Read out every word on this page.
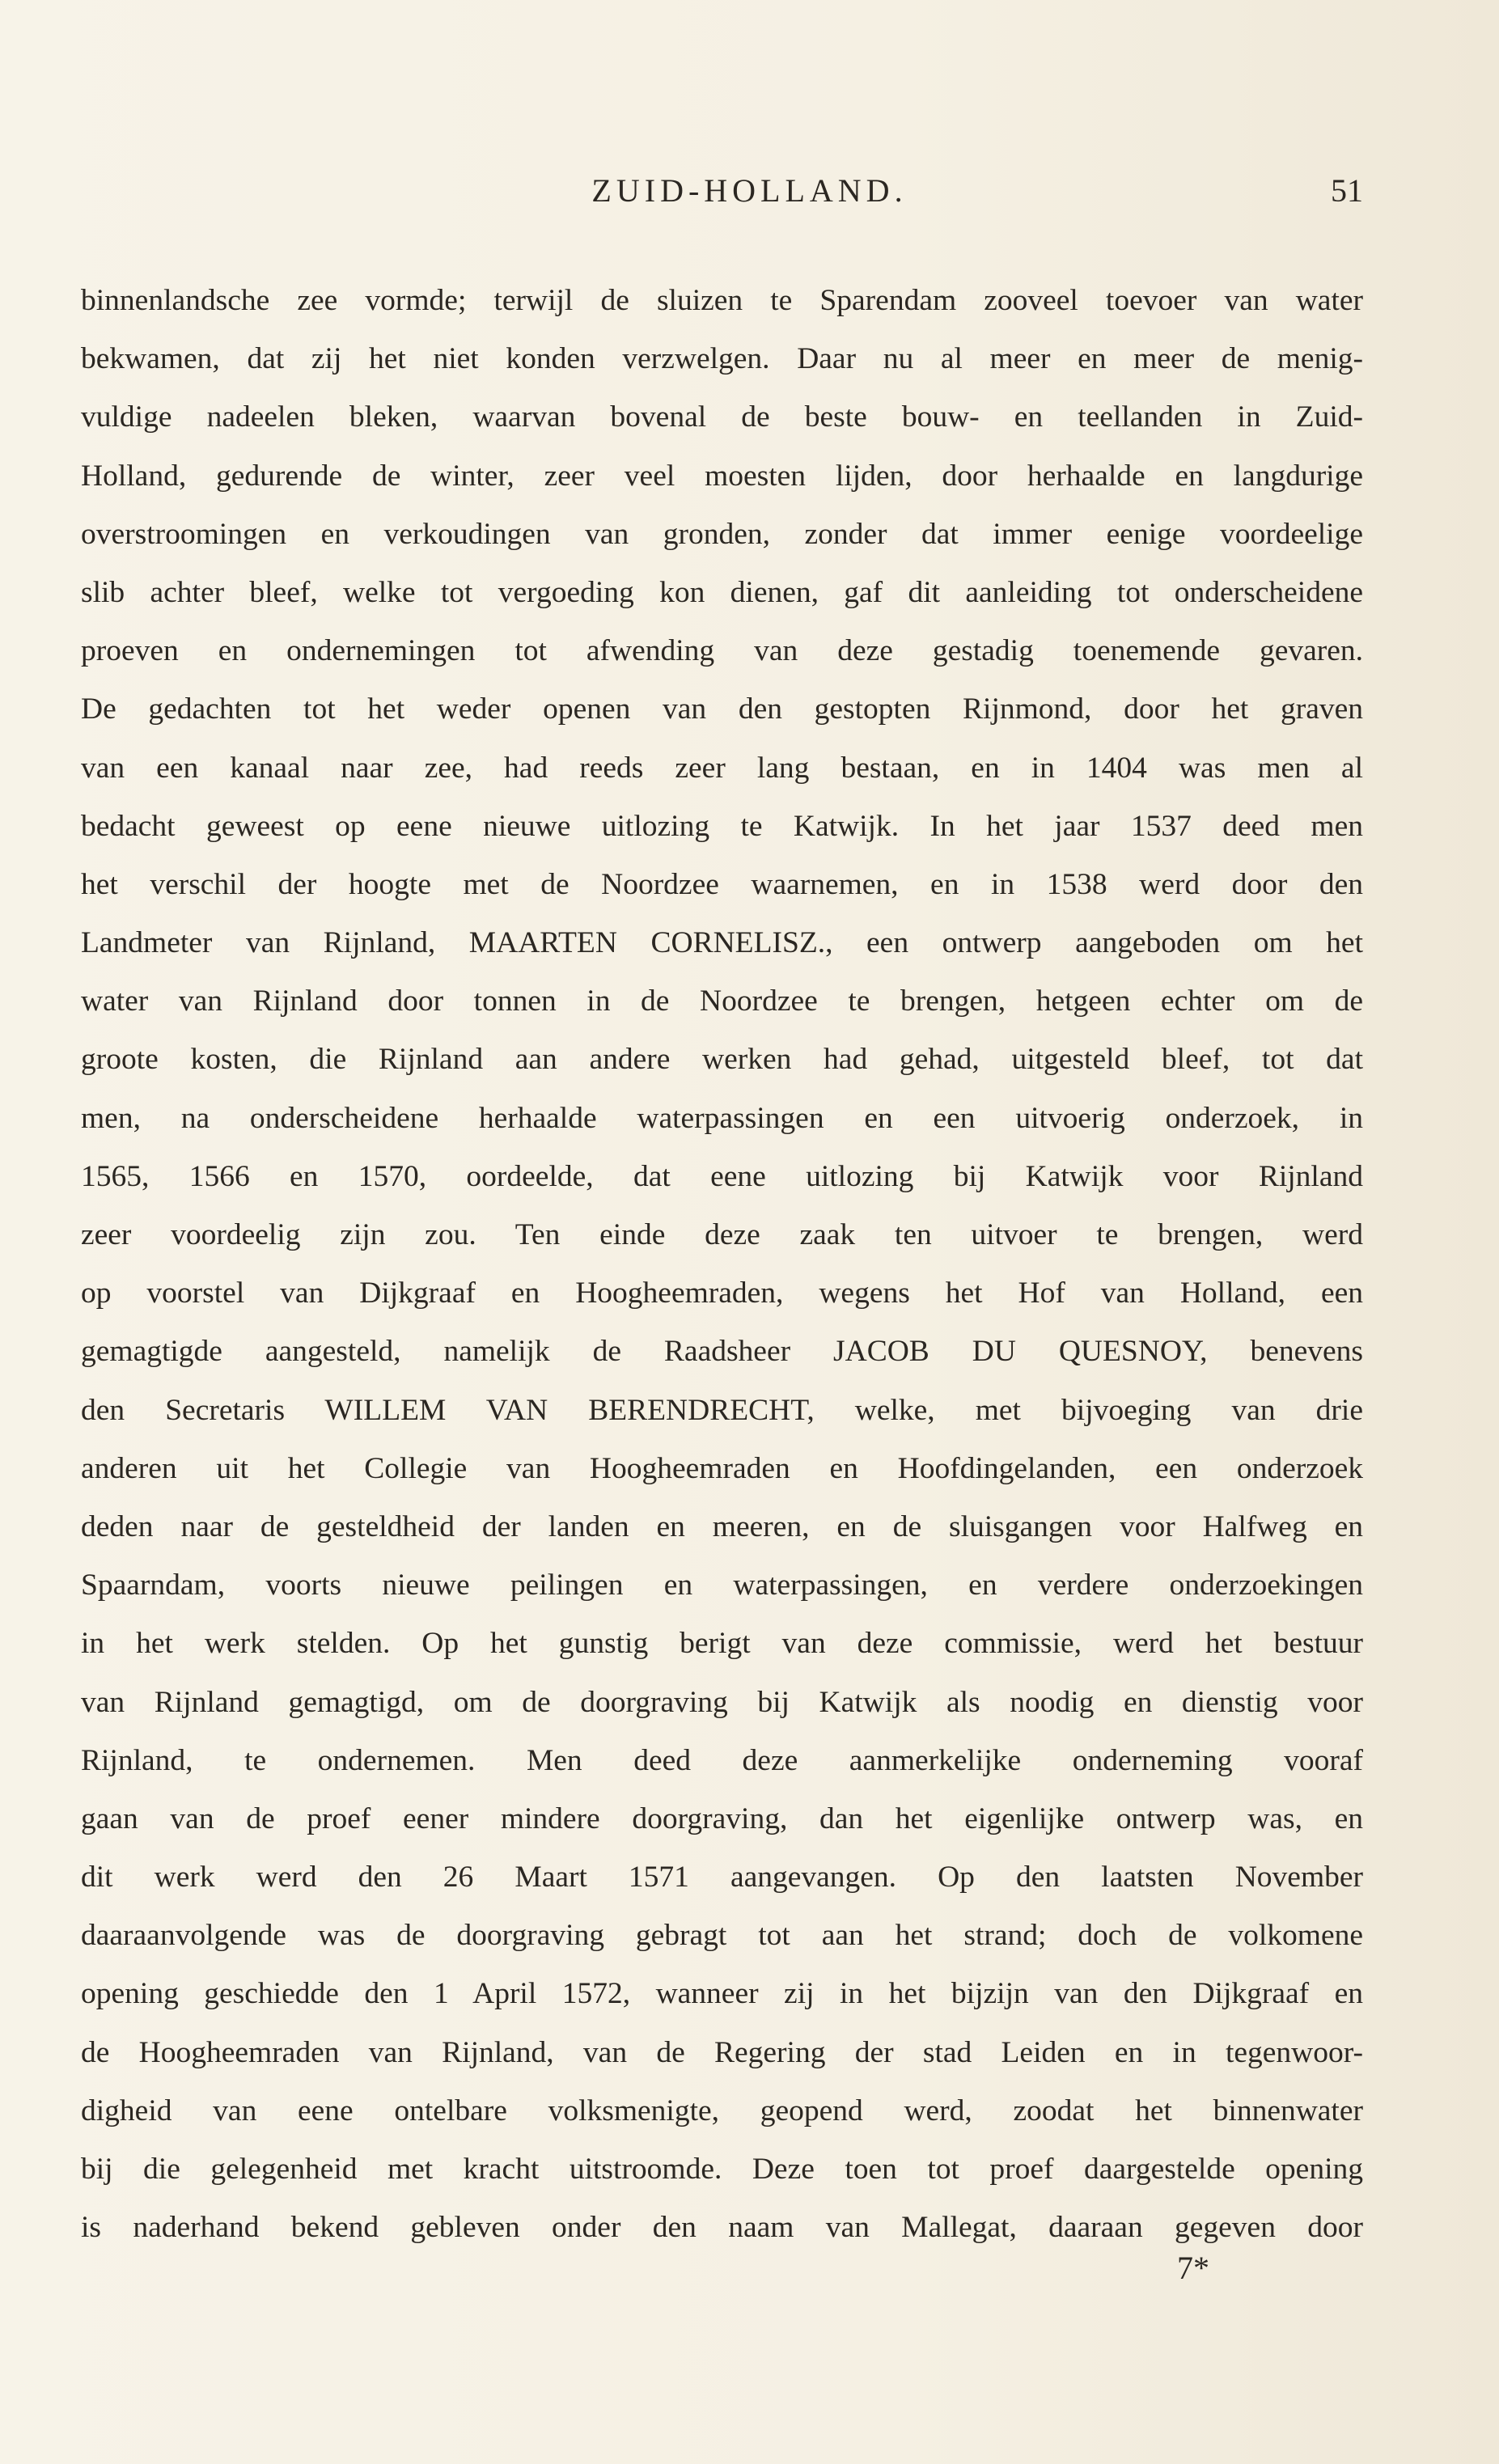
ZUID-HOLLAND.	51
binnenlandsche zee vormde; terwijl de sluizen te Sparendam zooveel toevoer van water
bekwamen, dat zij het niet konden verzwelgen. Daar nu al meer en meer de menig-
vuldige nadeelen bleken, waarvan bovenal de beste bouw- en teellanden in Zuid-
Holland, gedurende de winter, zeer veel moesten lijden, door herhaalde en langdurige
overstroomingen en verkoudingen van gronden, zonder dat immer eenige voordeelige
slib achter bleef, welke tot vergoeding kon dienen, gaf dit aanleiding tot onderscheidene
proeven en ondernemingen tot afwending van deze gestadig toenemende gevaren.
De gedachten tot het weder openen van den gestopten Rijnmond, door het graven
van een kanaal naar zee, had reeds zeer lang bestaan, en in 1404 was men al
bedacht geweest op eene nieuwe uitlozing te Katwijk. In het jaar 1537 deed men
het verschil der hoogte met de Noordzee waarnemen, en in 1538 werd door den
Landmeter van Rijnland, MAARTEN CORNELISZ., een ontwerp aangeboden om het
water van Rijnland door tonnen in de Noordzee te brengen, hetgeen echter om de
groote kosten, die Rijnland aan andere werken had gehad, uitgesteld bleef, tot dat
men, na onderscheidene herhaalde waterpassingen en een uitvoerig onderzoek, in
1565, 1566 en 1570, oordeelde, dat eene uitlozing bij Katwijk voor Rijnland
zeer voordeelig zijn zou. Ten einde deze zaak ten uitvoer te brengen, werd
op voorstel van Dijkgraaf en Hoogheemraden, wegens het Hof van Holland, een
gemagtigde aangesteld, namelijk de Raadsheer JACOB DU QUESNOY, benevens
den Secretaris WILLEM VAN BERENDRECHT, welke, met bijvoeging van drie
anderen uit het Collegie van Hoogheemraden en Hoofdingelanden, een onderzoek
deden naar de gesteldheid der landen en meeren, en de sluisgangen voor Halfweg en
Spaarndam, voorts nieuwe peilingen en waterpassingen, en verdere onderzoekingen
in het werk stelden. Op het gunstig berigt van deze commissie, werd het bestuur
van Rijnland gemagtigd, om de doorgraving bij Katwijk als noodig en dienstig voor
Rijnland, te ondernemen. Men deed deze aanmerkelijke onderneming vooraf
gaan van de proef eener mindere doorgraving, dan het eigenlijke ontwerp was, en
dit werk werd den 26 Maart 1571 aangevangen. Op den laatsten November
daaraanvolgende was de doorgraving gebragt tot aan het strand; doch de volkomene
opening geschiedde den 1 April 1572, wanneer zij in het bijzijn van den Dijkgraaf en
de Hoogheemraden van Rijnland, van de Regering der stad Leiden en in tegenwoor-
digheid van eene ontelbare volksmenigte, geopend werd, zoodat het binnenwater
bij die gelegenheid met kracht uitstroomde. Deze toen tot proef daargestelde opening
is naderhand bekend gebleven onder den naam van Mallegat, daaraan gegeven door
7*
